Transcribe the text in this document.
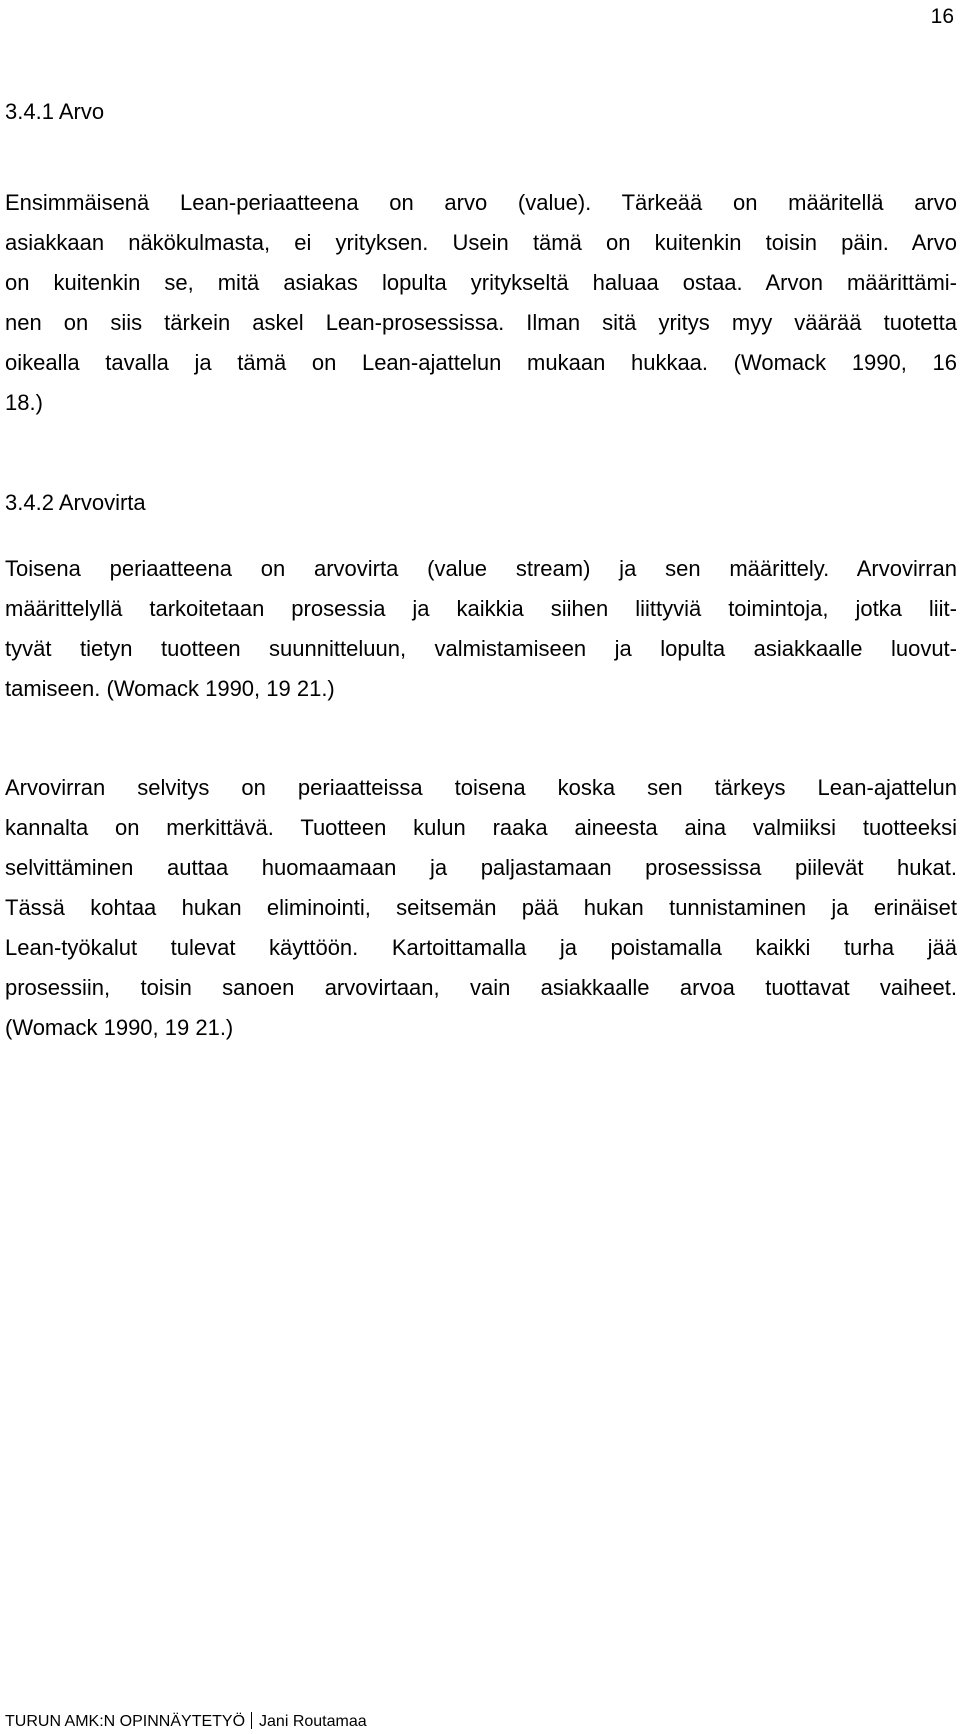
16
3.4.1 Arvo
Ensimmäisenä Lean-periaatteena on arvo (value). Tärkeää on määritellä arvo
asiakkaan näkökulmasta, ei yrityksen. Usein tämä on kuitenkin toisin päin. Arvo
on kuitenkin se, mitä asiakas lopulta yritykseltä haluaa ostaa. Arvon määrittämi-
nen on siis tärkein askel Lean-prosessissa. Ilman sitä yritys myy väärää tuotetta
oikealla tavalla ja tämä on Lean-ajattelun mukaan hukkaa. (Womack 1990, 16
18.)
3.4.2 Arvovirta
Toisena periaatteena on arvovirta (value stream) ja sen määrittely. Arvovirran
määrittelyllä tarkoitetaan prosessia ja kaikkia siihen liittyviä toimintoja, jotka liit-
tyvät tietyn tuotteen suunnitteluun, valmistamiseen ja lopulta asiakkaalle luovut-
tamiseen. (Womack 1990, 19 21.)
Arvovirran selvitys on periaatteissa toisena koska sen tärkeys Lean-ajattelun
kannalta on merkittävä. Tuotteen kulun raaka aineesta aina valmiiksi tuotteeksi
selvittäminen auttaa huomaamaan ja paljastamaan prosessissa piilevät hukat.
Tässä kohtaa hukan eliminointi, seitsemän pää hukan tunnistaminen ja erinäiset
Lean-työkalut tulevat käyttöön. Kartoittamalla ja poistamalla kaikki turha jää
prosessiin, toisin sanoen arvovirtaan, vain asiakkaalle arvoa tuottavat vaiheet.
(Womack 1990, 19 21.)
TURUN AMK:N OPINNÄYTETYÖ Jani Routamaa
